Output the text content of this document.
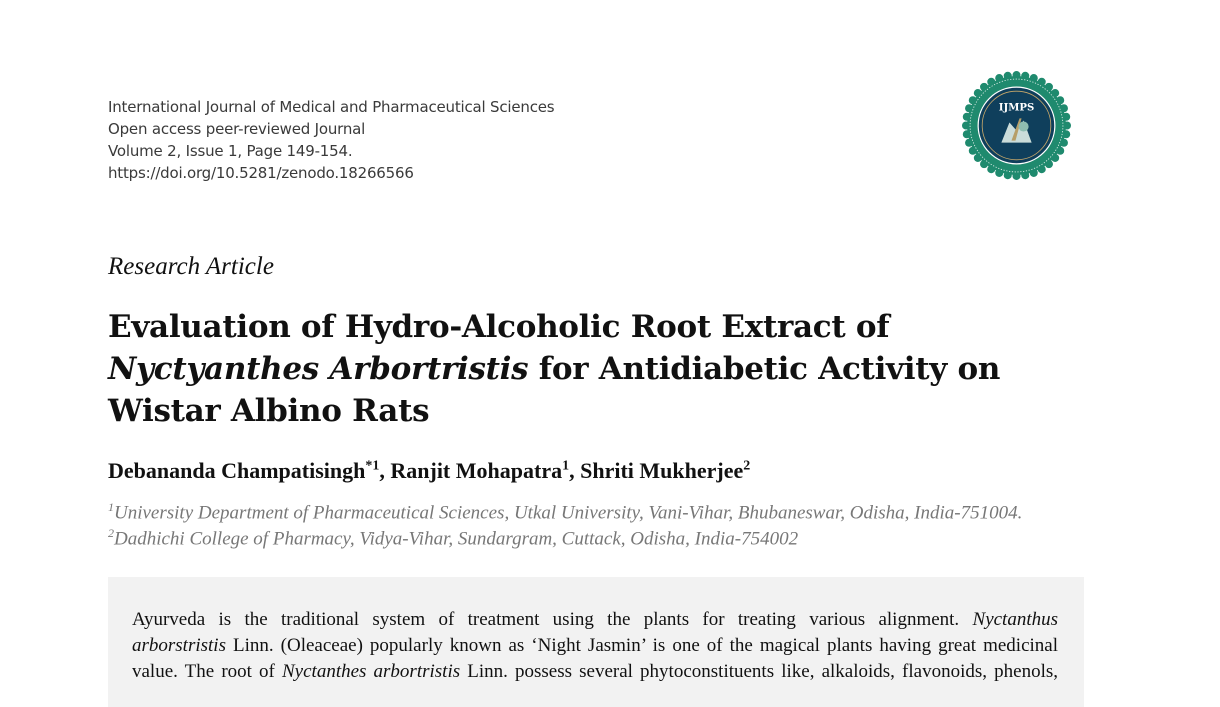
International Journal of Medical and Pharmaceutical Sciences
Open access peer-reviewed Journal
Volume 2, Issue 1, Page 149-154.
https://doi.org/10.5281/zenodo.18266566
IJMPS
Research Article
Evaluation of Hydro-Alcoholic Root Extract of
Nyctyanthes Arbortristis for Antidiabetic Activity on
Wistar Albino Rats
Debananda Champatisingh$^{*1}$, Ranjit Mohapatra$^1$, Shriti Mukherjee$^2$
$^1$University Department of Pharmaceutical Sciences, Utkal University, Vani-Vihar, Bhubaneswar, Odisha, India-751004.
$^2$Dadhichi College of Pharmacy, Vidya-Vihar, Sundargram, Cuttack, Odisha, India-754002
Ayurveda is the traditional system of treatment using the plants for treating various alignment. Nyctanthus
arborstristis Linn. (Oleaceae) popularly known as ‘Night Jasmin’ is one of the magical plants having great medicinal
value. The root of Nyctanthes arbortristis Linn. possess several phytoconstituents like, alkaloids, flavonoids, phenols,
